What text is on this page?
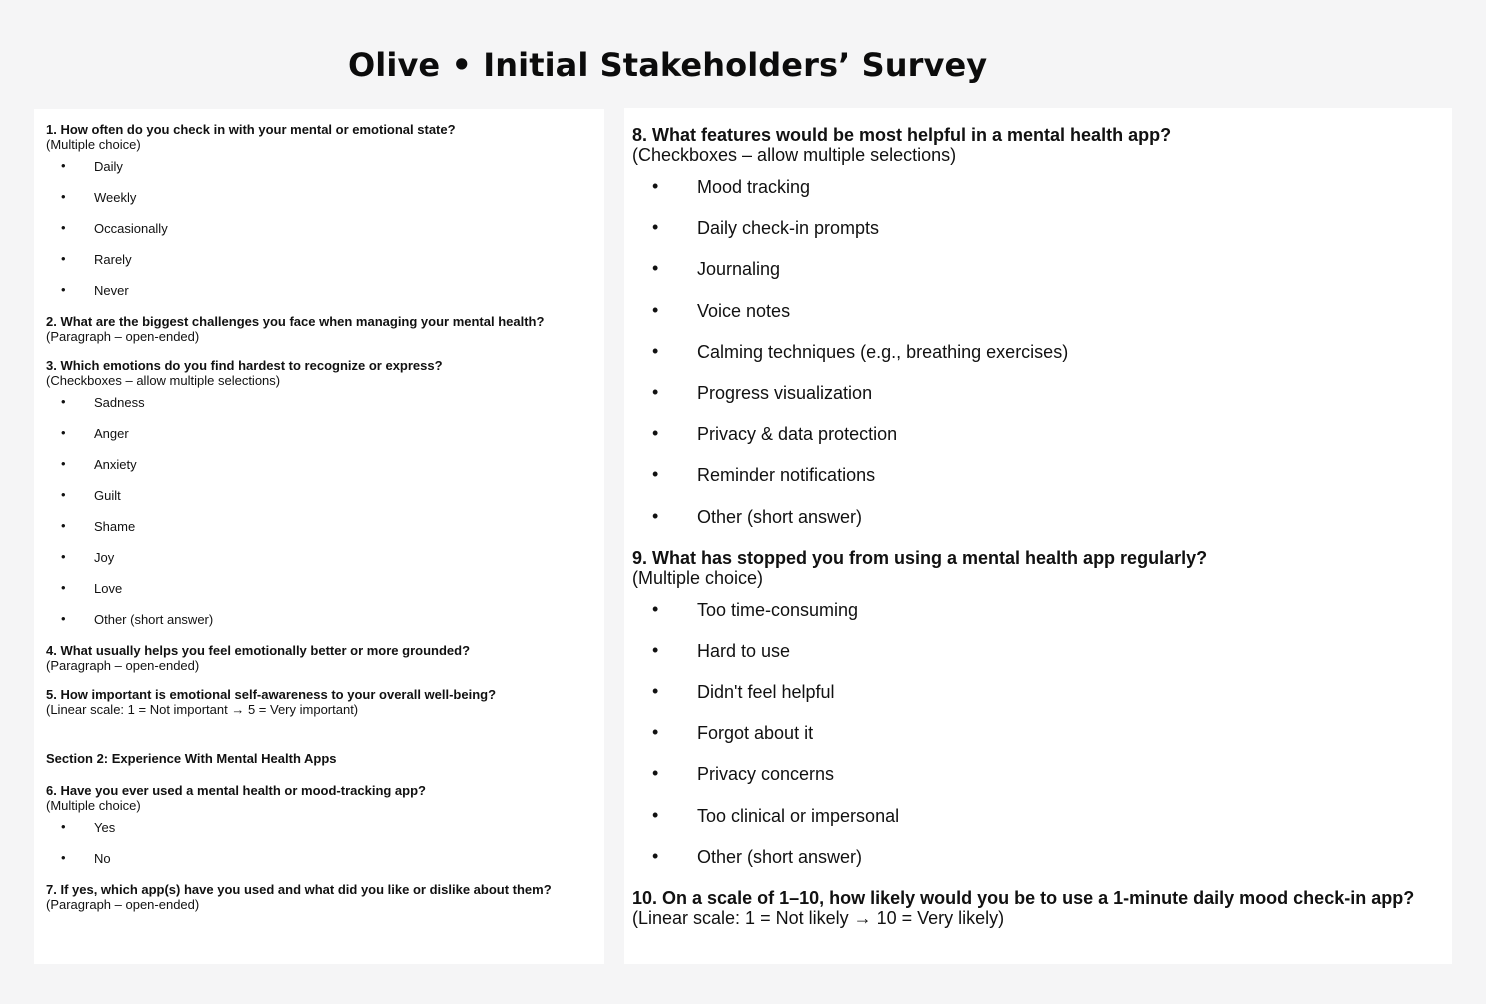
Olive • Initial Stakeholders’ Survey

1. How often do you check in with your mental or emotional state?

(Multiple choice)

• Daily
• Weekly
• Occasionally
• Rarely
• Never

2. What are the biggest challenges you face when managing your mental health?

(Paragraph – open-ended)

3. Which emotions do you find hardest to recognize or express?

(Checkboxes – allow multiple selections)

• Sadness
• Anger
• Anxiety
• Guilt
• Shame
• Joy
• Love
• Other (short answer)

4. What usually helps you feel emotionally better or more grounded?

(Paragraph – open-ended)

5. How important is emotional self-awareness to your overall well-being?

(Linear scale: 1 = Not important → 5 = Very important)

Section 2: Experience With Mental Health Apps

6. Have you ever used a mental health or mood-tracking app?

(Multiple choice)

• Yes
• No

7. If yes, which app(s) have you used and what did you like or dislike about them?

(Paragraph – open-ended)

8. What features would be most helpful in a mental health app?

(Checkboxes – allow multiple selections)

• Mood tracking
• Daily check-in prompts
• Journaling
• Voice notes
• Calming techniques (e.g., breathing exercises)
• Progress visualization
• Privacy & data protection
• Reminder notifications
• Other (short answer)

9. What has stopped you from using a mental health app regularly?

(Multiple choice)

• Too time-consuming
• Hard to use
• Didn't feel helpful
• Forgot about it
• Privacy concerns
• Too clinical or impersonal
• Other (short answer)

10. On a scale of 1–10, how likely would you be to use a 1-minute daily mood check-in app?

(Linear scale: 1 = Not likely → 10 = Very likely)
